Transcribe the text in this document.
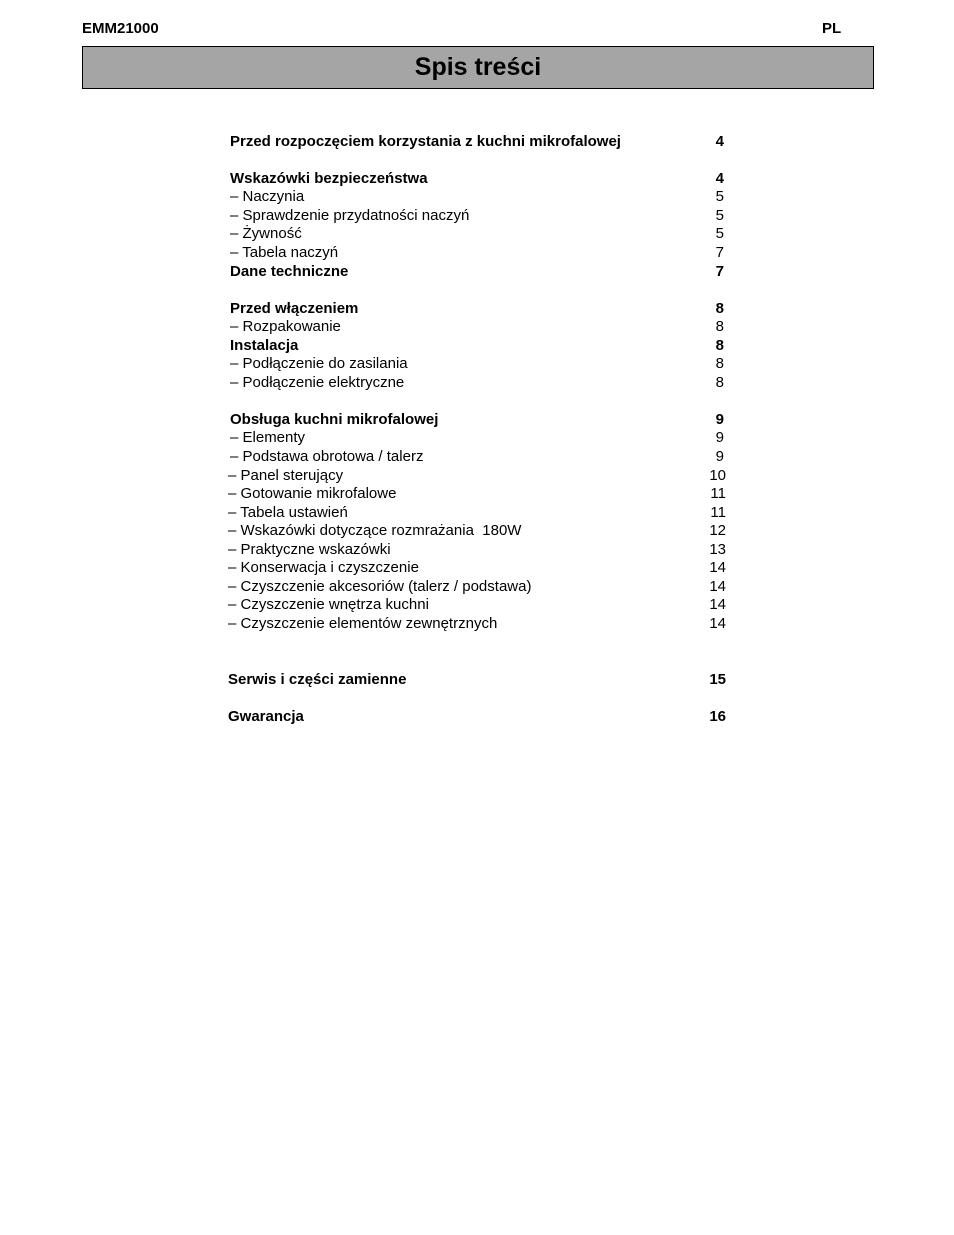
EMM21000	PL
Spis treści
Przed rozpoczęciem korzystania z kuchni mikrofalowej	4
Wskazówki bezpieczeństwa	4
– Naczynia	5
– Sprawdzenie przydatności naczyń	5
– Żywność	5
– Tabela naczyń	7
Dane techniczne	7
Przed włączeniem	8
– Rozpakowanie	8
Instalacja	8
– Podłączenie do zasilania	8
– Podłączenie elektryczne	8
Obsługa kuchni mikrofalowej	9
– Elementy	9
– Podstawa obrotowa / talerz	9
– Panel sterujący	10
– Gotowanie mikrofalowe	11
– Tabela ustawień	11
– Wskazówki dotyczące rozmrażania  180W	12
– Praktyczne wskazówki	13
– Konserwacja i czyszczenie	14
– Czyszczenie akcesoriów (talerz / podstawa)	14
– Czyszczenie wnętrza kuchni	14
– Czyszczenie elementów zewnętrznych	14
Serwis i części zamienne	15
Gwarancja	16
